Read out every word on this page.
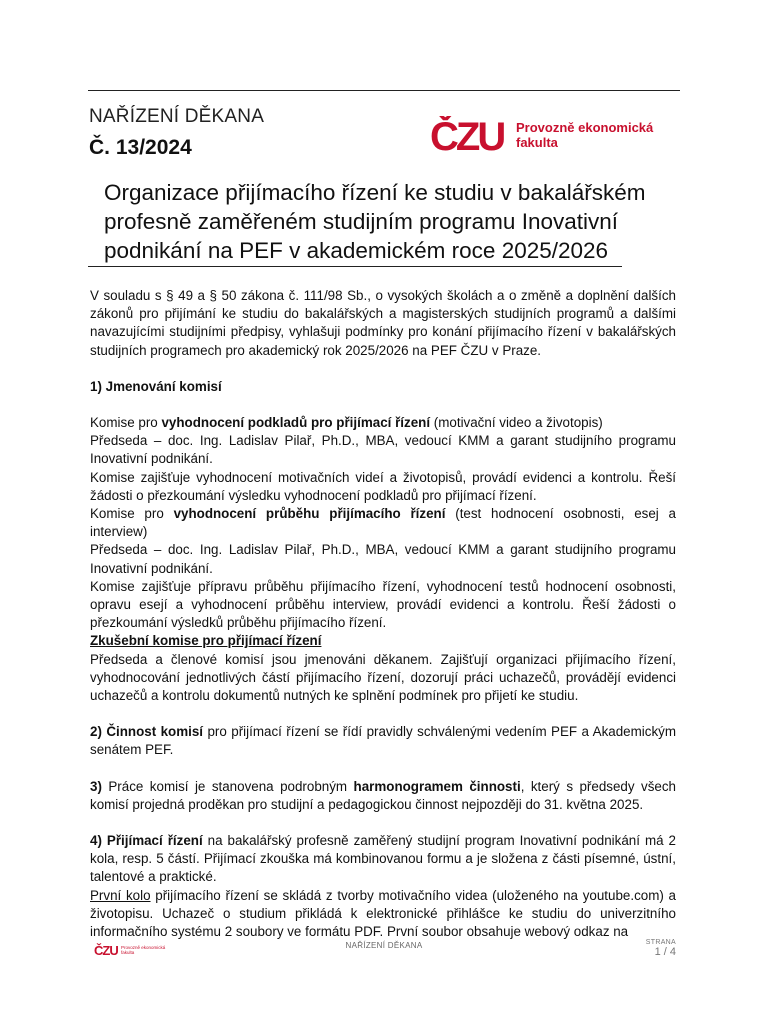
NAŘÍZENÍ DĚKANA
Č. 13/2024	ČZU Provozně ekonomická
fakulta
Organizace přijímacího řízení ke studiu v bakalářském profesně zaměřeném studijním programu Inovativní podnikání na PEF v akademickém roce 2025/2026

V souladu s § 49 a § 50 zákona č. 111/98 Sb., o vysokých školách a o změně a doplnění dalších zákonů pro přijímání ke studiu do bakalářských a magisterských studijních programů a dalšími navazujícími studijními předpisy, vyhlašuji podmínky pro konání přijímacího řízení v bakalářských studijních programech pro akademický rok 2025/2026 na PEF ČZU v Praze.

1) Jmenování komisí

Komise pro vyhodnocení podkladů pro přijímací řízení (motivační video a životopis)

Předseda – doc. Ing. Ladislav Pilař, Ph.D., MBA, vedoucí KMM a garant studijního programu Inovativní podnikání.

Komise zajišťuje vyhodnocení motivačních videí a životopisů, provádí evidenci a kontrolu. Řeší žádosti o přezkoumání výsledku vyhodnocení podkladů pro přijímací řízení.

Komise pro vyhodnocení průběhu přijímacího řízení (test hodnocení osobnosti, esej a interview)

Předseda – doc. Ing. Ladislav Pilař, Ph.D., MBA, vedoucí KMM a garant studijního programu Inovativní podnikání.

Komise zajišťuje přípravu průběhu přijímacího řízení, vyhodnocení testů hodnocení osobnosti, opravu esejí a vyhodnocení průběhu interview, provádí evidenci a kontrolu. Řeší žádosti o přezkoumání výsledků průběhu přijímacího řízení.

Zkušební komise pro přijímací řízení

Předseda a členové komisí jsou jmenováni děkanem. Zajišťují organizaci přijímacího řízení, vyhodnocování jednotlivých částí přijímacího řízení, dozorují práci uchazečů, provádějí evidenci uchazečů a kontrolu dokumentů nutných ke splnění podmínek pro přijetí ke studiu.

2) Činnost komisí pro přijímací řízení se řídí pravidly schválenými vedením PEF a Akademickým senátem PEF.

3) Práce komisí je stanovena podrobným harmonogramem činnosti, který s předsedy všech komisí projedná proděkan pro studijní a pedagogickou činnost nejpozději do 31. května 2025.

4) Přijímací řízení na bakalářský profesně zaměřený studijní program Inovativní podnikání má 2 kola, resp. 5 částí. Přijímací zkouška má kombinovanou formu a je složena z části písemné, ústní, talentové a praktické.

První kolo přijímacího řízení se skládá z tvorby motivačního videa (uloženého na youtube.com) a životopisu. Uchazeč o studium přikládá k elektronické přihlášce ke studiu do univerzitního informačního systému 2 soubory ve formátu PDF. První soubor obsahuje webový odkaz na

ČZU Provozně ekonomická
fakulta
NAŘÍZENÍ DĚKANA	STRANA
1 / 4
